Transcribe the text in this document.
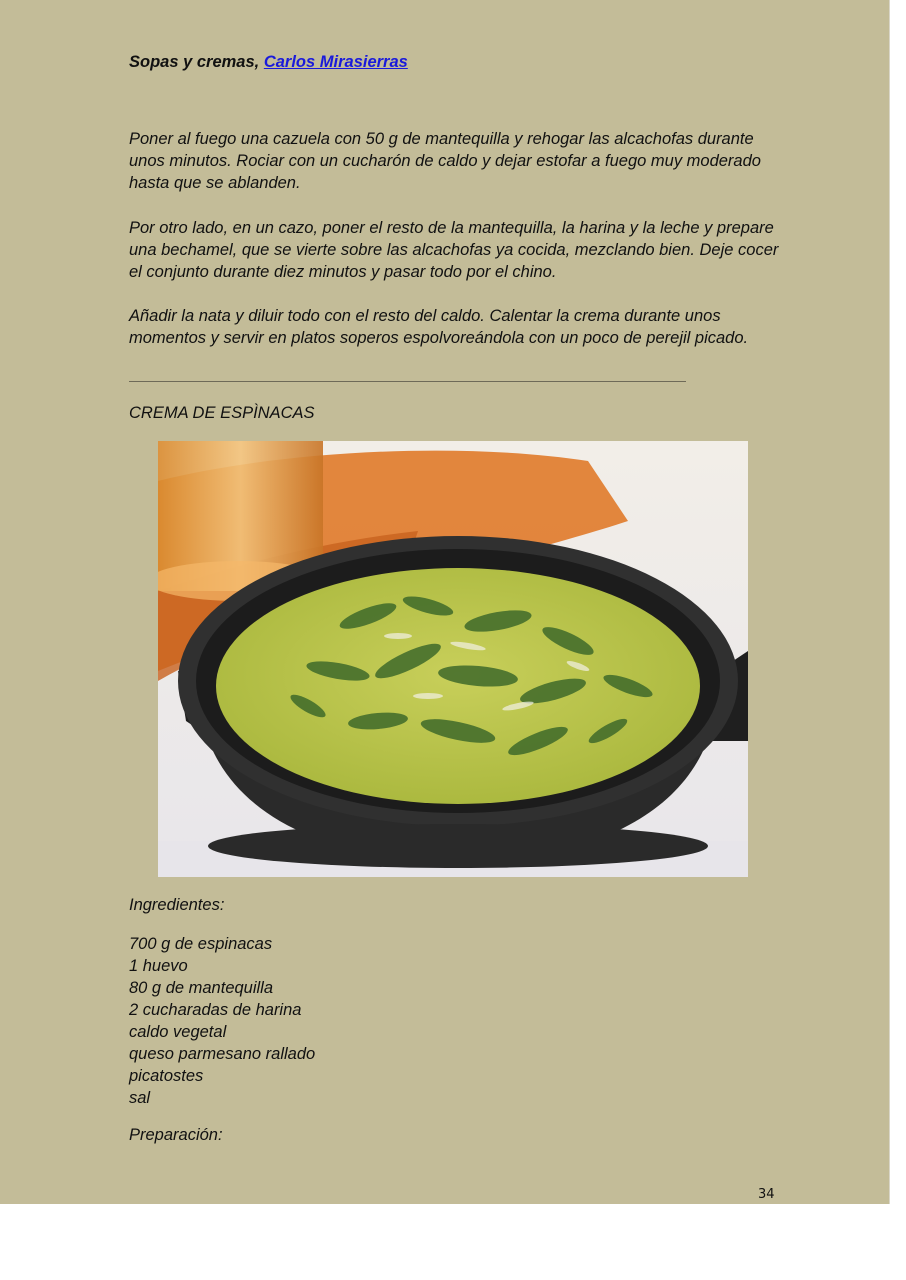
Sopas y cremas, Carlos Mirasierras

Poner al fuego una cazuela con 50 g de mantequilla y rehogar las alcachofas durante unos minutos. Rociar con un cucharón de caldo y dejar estofar a fuego muy moderado hasta que se ablanden.

Por otro lado, en un cazo, poner el resto de la mantequilla, la harina y la leche y prepare una bechamel, que se vierte sobre las alcachofas ya cocida, mezclando bien. Deje cocer el conjunto durante diez minutos y pasar todo por el chino.

Añadir la nata y diluir todo con el resto del caldo. Calentar la crema durante unos momentos y servir en platos soperos espolvoreándola con un poco de perejil picado.

CREMA DE ESPÌNACAS
Ingredientes:
700 g de espinacas
1 huevo
80 g de mantequilla
2 cucharadas de harina
caldo vegetal
queso parmesano rallado
picatostes
sal
Preparación:
34
